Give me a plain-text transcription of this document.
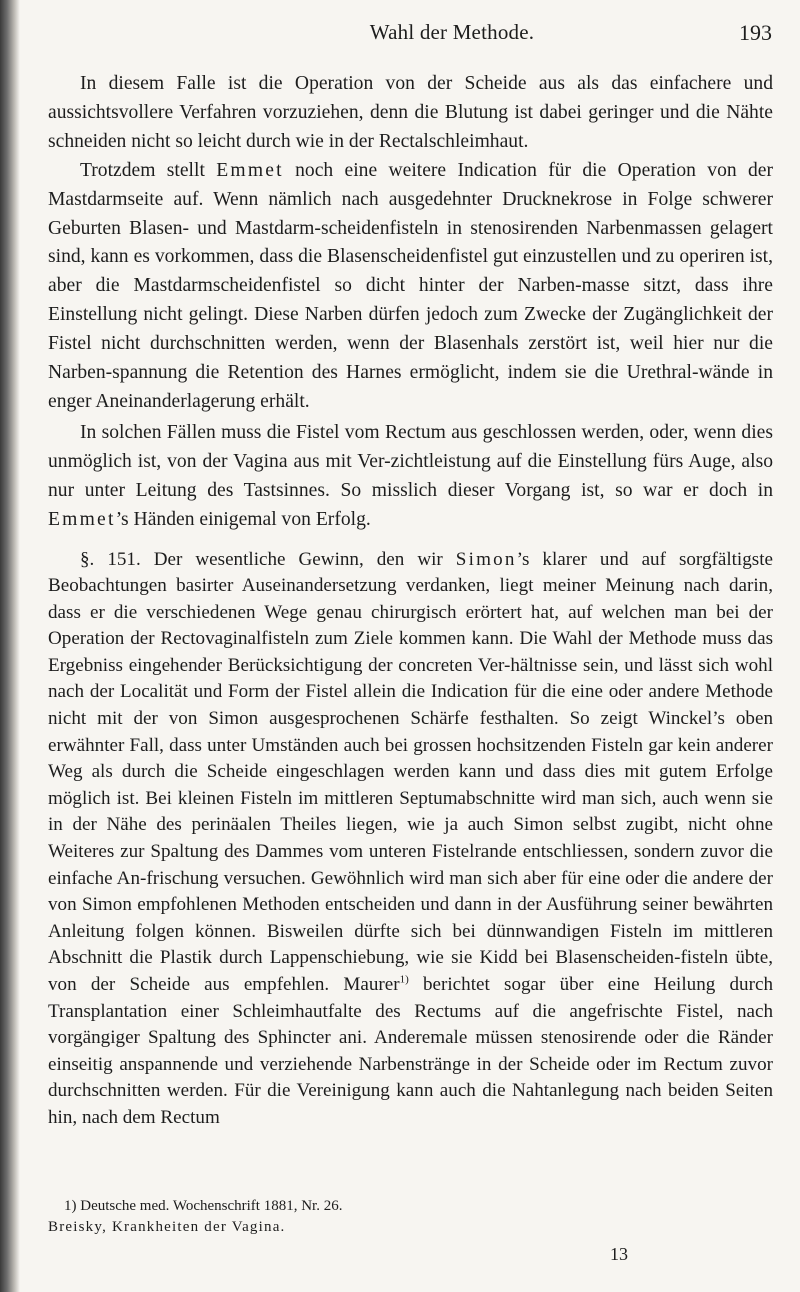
Wahl der Methode.	193

In diesem Falle ist die Operation von der Scheide aus als das einfachere und aussichtsvollere Verfahren vorzuziehen, denn die Blutung ist dabei geringer und die Nähte schneiden nicht so leicht durch wie in der Rectalschleimhaut.

Trotzdem stellt Emmet noch eine weitere Indication für die Operation von der Mastdarmseite auf. Wenn nämlich nach ausgedehnter Drucknekrose in Folge schwerer Geburten Blasen- und Mastdarm-scheidenfisteln in stenosirenden Narbenmassen gelagert sind, kann es vorkommen, dass die Blasenscheidenfistel gut einzustellen und zu operiren ist, aber die Mastdarmscheidenfistel so dicht hinter der Narben-masse sitzt, dass ihre Einstellung nicht gelingt. Diese Narben dürfen jedoch zum Zwecke der Zugänglichkeit der Fistel nicht durchschnitten werden, wenn der Blasenhals zerstört ist, weil hier nur die Narben-spannung die Retention des Harnes ermöglicht, indem sie die Urethral-wände in enger Aneinanderlagerung erhält.

In solchen Fällen muss die Fistel vom Rectum aus geschlossen werden, oder, wenn dies unmöglich ist, von der Vagina aus mit Ver-zichtleistung auf die Einstellung fürs Auge, also nur unter Leitung des Tastsinnes. So misslich dieser Vorgang ist, so war er doch in Emmet’s Händen einigemal von Erfolg.

§. 151. Der wesentliche Gewinn, den wir Simon’s klarer und auf sorgfältigste Beobachtungen basirter Auseinandersetzung verdanken, liegt meiner Meinung nach darin, dass er die verschiedenen Wege genau chirurgisch erörtert hat, auf welchen man bei der Operation der Rectovaginalfisteln zum Ziele kommen kann. Die Wahl der Methode muss das Ergebniss eingehender Berücksichtigung der concreten Ver-hältnisse sein, und lässt sich wohl nach der Localität und Form der Fistel allein die Indication für die eine oder andere Methode nicht mit der von Simon ausgesprochenen Schärfe festhalten. So zeigt Winckel’s oben erwähnter Fall, dass unter Umständen auch bei grossen hochsitzenden Fisteln gar kein anderer Weg als durch die Scheide eingeschlagen werden kann und dass dies mit gutem Erfolge möglich ist. Bei kleinen Fisteln im mittleren Septumabschnitte wird man sich, auch wenn sie in der Nähe des perinäalen Theiles liegen, wie ja auch Simon selbst zugibt, nicht ohne Weiteres zur Spaltung des Dammes vom unteren Fistelrande entschliessen, sondern zuvor die einfache An-frischung versuchen. Gewöhnlich wird man sich aber für eine oder die andere der von Simon empfohlenen Methoden entscheiden und dann in der Ausführung seiner bewährten Anleitung folgen können. Bisweilen dürfte sich bei dünnwandigen Fisteln im mittleren Abschnitt die Plastik durch Lappenschiebung, wie sie Kidd bei Blasenscheiden-fisteln übte, von der Scheide aus empfehlen. Maurer$^{1)}$ berichtet sogar über eine Heilung durch Transplantation einer Schleimhautfalte des Rectums auf die angefrischte Fistel, nach vorgängiger Spaltung des Sphincter ani. Anderemale müssen stenosirende oder die Ränder einseitig anspannende und verziehende Narbenstränge in der Scheide oder im Rectum zuvor durchschnitten werden. Für die Vereinigung kann auch die Nahtanlegung nach beiden Seiten hin, nach dem Rectum

1) Deutsche med. Wochenschrift 1881, Nr. 26.
Breisky, Krankheiten der Vagina.
13
